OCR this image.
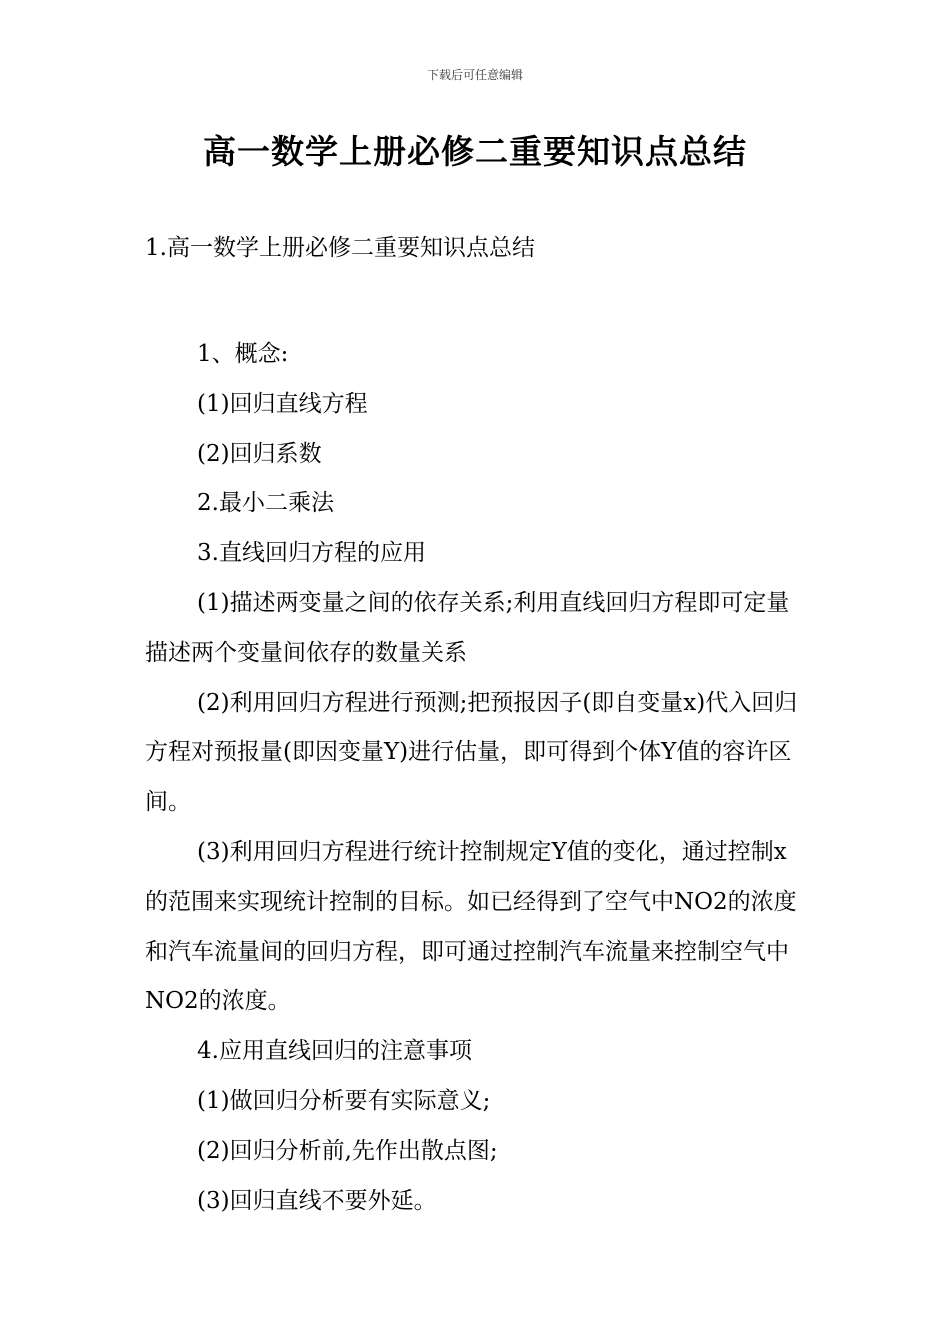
下载后可任意编辑
高一数学上册必修二重要知识点总结
1.高一数学上册必修二重要知识点总结

1、概念:

(1)回归直线方程

(2)回归系数

2.最小二乘法

3.直线回归方程的应用

(1)描述两变量之间的依存关系;利用直线回归方程即可定量描述两个变量间依存的数量关系

(2)利用回归方程进行预测;把预报因子(即自变量x)代入回归方程对预报量(即因变量Y)进行估量，即可得到个体Y值的容许区间。

(3)利用回归方程进行统计控制规定Y值的变化，通过控制x的范围来实现统计控制的目标。如已经得到了空气中NO2的浓度和汽车流量间的回归方程，即可通过控制汽车流量来控制空气中NO2的浓度。

4.应用直线回归的注意事项

(1)做回归分析要有实际意义;

(2)回归分析前,先作出散点图;

(3)回归直线不要外延。
